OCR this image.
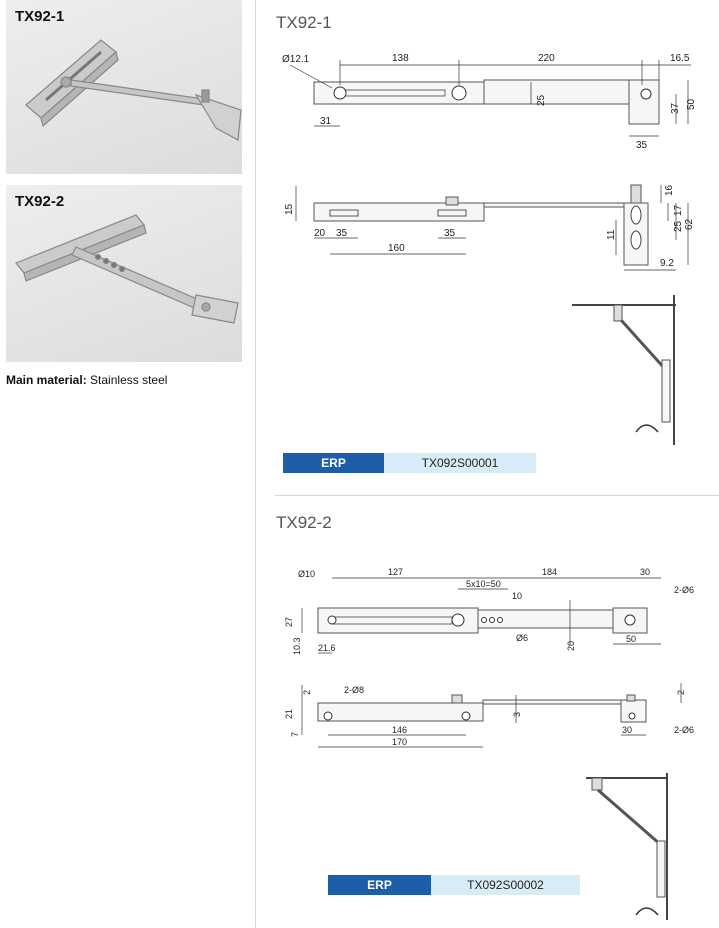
TX92-1
TX92-2
Main material: Stainless steel
TX92-1
Ø12.1	138	220	16.5
25
37 50
31
35
15
20 35	35
160
16
17
25 62
11
9.2
ERP	TX092S00001
TX92-2
Ø10	127	184	30
2-Ø6
5x10=50
10
Ø6
20
27
10.3 21.6
50
2	2-Ø8
21
7	146
170
3
2
30	2-Ø6
ERP	TX092S00002
